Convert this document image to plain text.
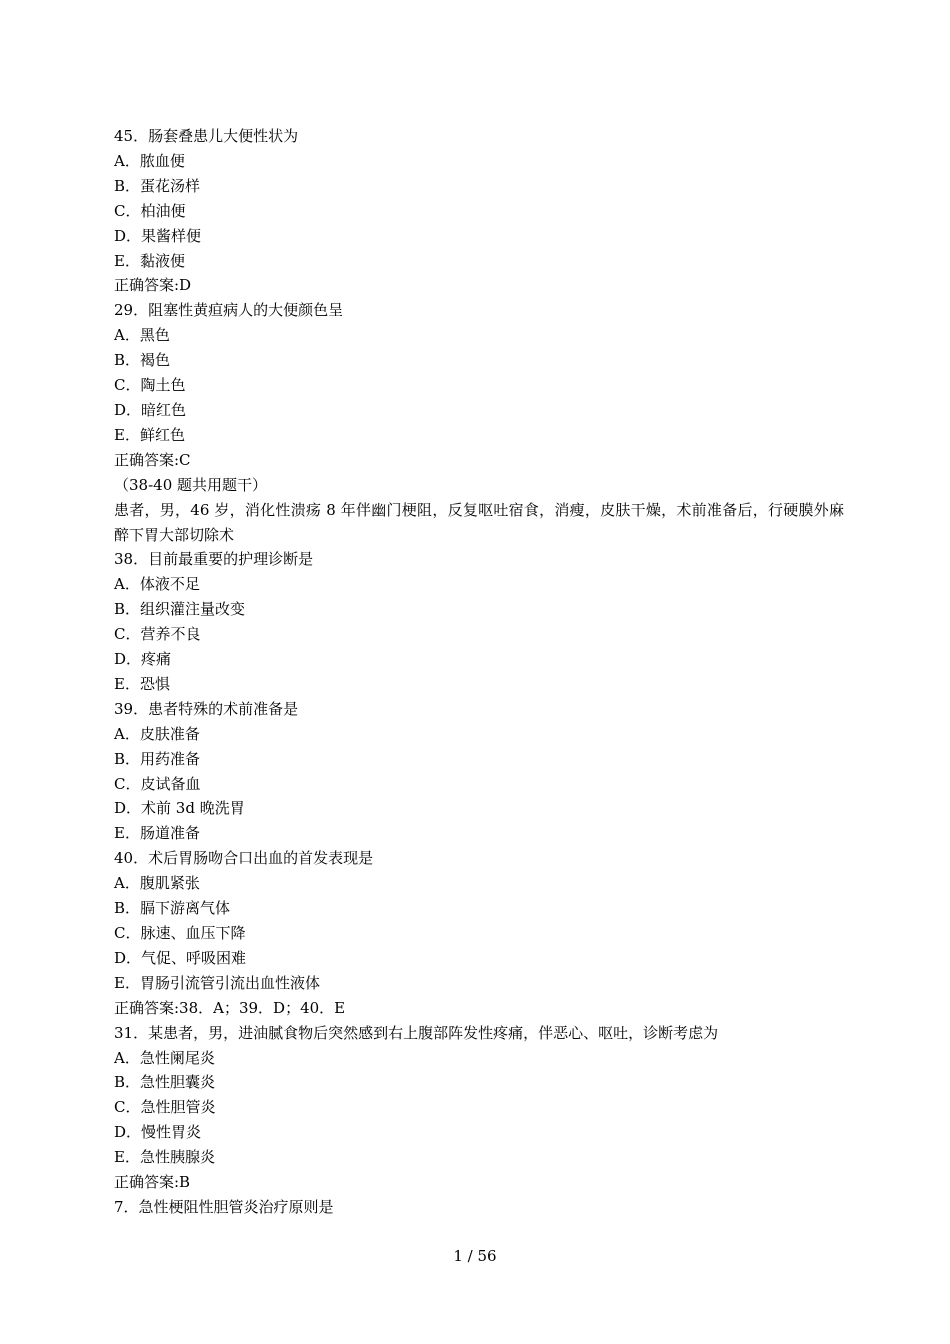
45．肠套叠患儿大便性状为

A．脓血便

B．蛋花汤样

C．柏油便

D．果酱样便

E．黏液便

正确答案:D

29．阻塞性黄疸病人的大便颜色呈

A．黑色

B．褐色

C．陶土色

D．暗红色

E．鲜红色

正确答案:C

（38-40 题共用题干）

患者，男，46 岁，消化性溃疡 8 年伴幽门梗阻，反复呕吐宿食，消瘦，皮肤干燥，术前准备后，行硬膜外麻醉下胃大部切除术

38．目前最重要的护理诊断是

A．体液不足

B．组织灌注量改变

C．营养不良

D．疼痛

E．恐惧

39．患者特殊的术前准备是

A．皮肤准备

B．用药准备

C．皮试备血

D．术前 3d 晚洗胃

E．肠道准备

40．术后胃肠吻合口出血的首发表现是

A．腹肌紧张

B．膈下游离气体

C．脉速、血压下降

D．气促、呼吸困难

E．胃肠引流管引流出血性液体

正确答案:38．A；39．D；40．E

31．某患者，男，进油腻食物后突然感到右上腹部阵发性疼痛，伴恶心、呕吐，诊断考虑为

A．急性阑尾炎

B．急性胆囊炎

C．急性胆管炎

D．慢性胃炎

E．急性胰腺炎

正确答案:B

7．急性梗阻性胆管炎治疗原则是

1 / 56
